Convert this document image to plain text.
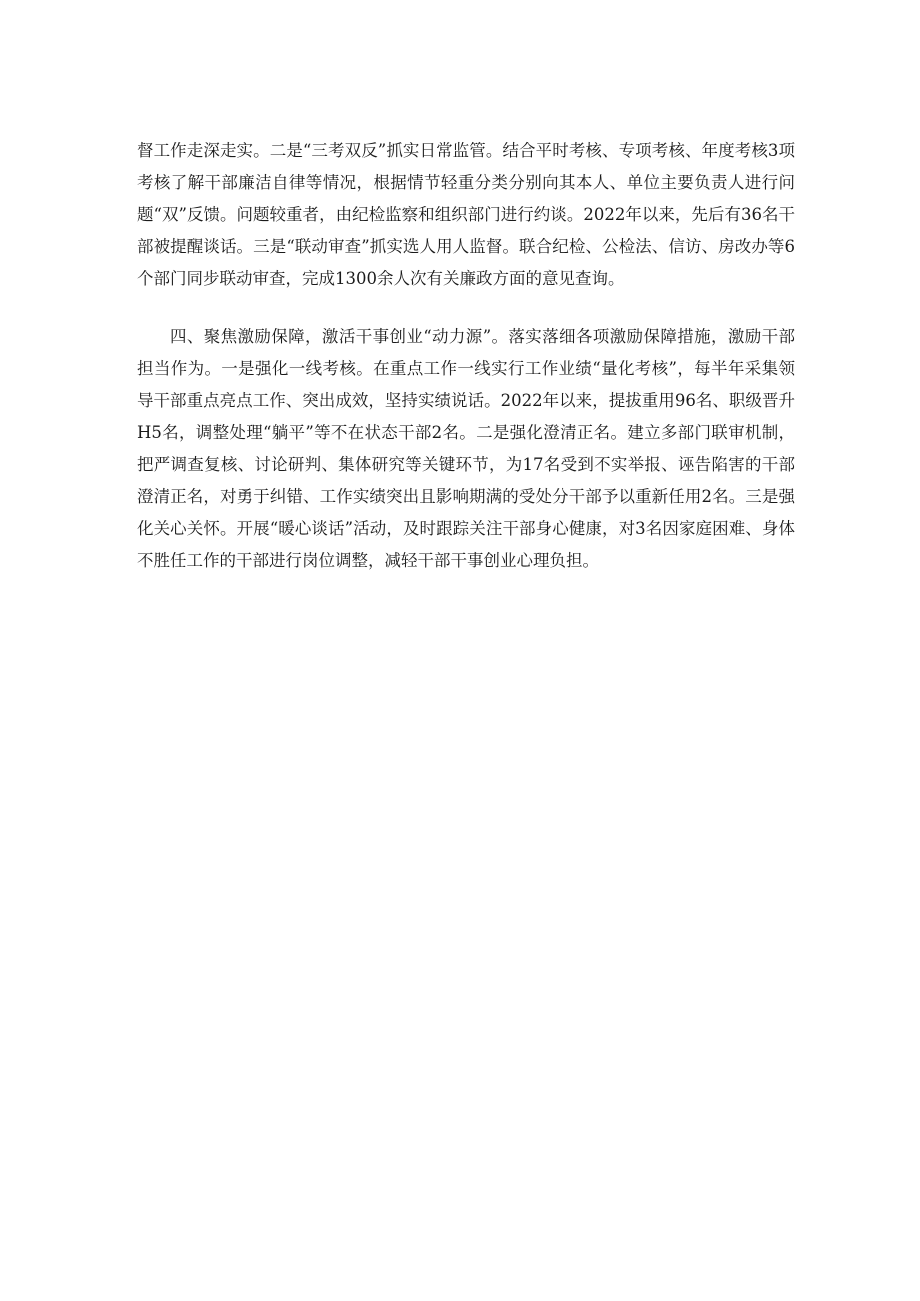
督工作走深走实。二是“三考双反”抓实日常监管。结合平时考核、专项考核、年度考核3项考核了解干部廉洁自律等情况，根据情节轻重分类分别向其本人、单位主要负责人进行问题“双”反馈。问题较重者，由纪检监察和组织部门进行约谈。2022年以来，先后有36名干部被提醒谈话。三是“联动审查”抓实选人用人监督。联合纪检、公检法、信访、房改办等6个部门同步联动审查，完成1300余人次有关廉政方面的意见查询。

四、聚焦激励保障，激活干事创业“动力源”。落实落细各项激励保障措施，激励干部担当作为。一是强化一线考核。在重点工作一线实行工作业绩“量化考核”，每半年采集领导干部重点亮点工作、突出成效，坚持实绩说话。2022年以来，提拔重用96名、职级晋升H5名，调整处理“躺平”等不在状态干部2名。二是强化澄清正名。建立多部门联审机制，把严调查复核、讨论研判、集体研究等关键环节，为17名受到不实举报、诬告陷害的干部澄清正名，对勇于纠错、工作实绩突出且影响期满的受处分干部予以重新任用2名。三是强化关心关怀。开展“暖心谈话”活动，及时跟踪关注干部身心健康，对3名因家庭困难、身体不胜任工作的干部进行岗位调整，减轻干部干事创业心理负担。
